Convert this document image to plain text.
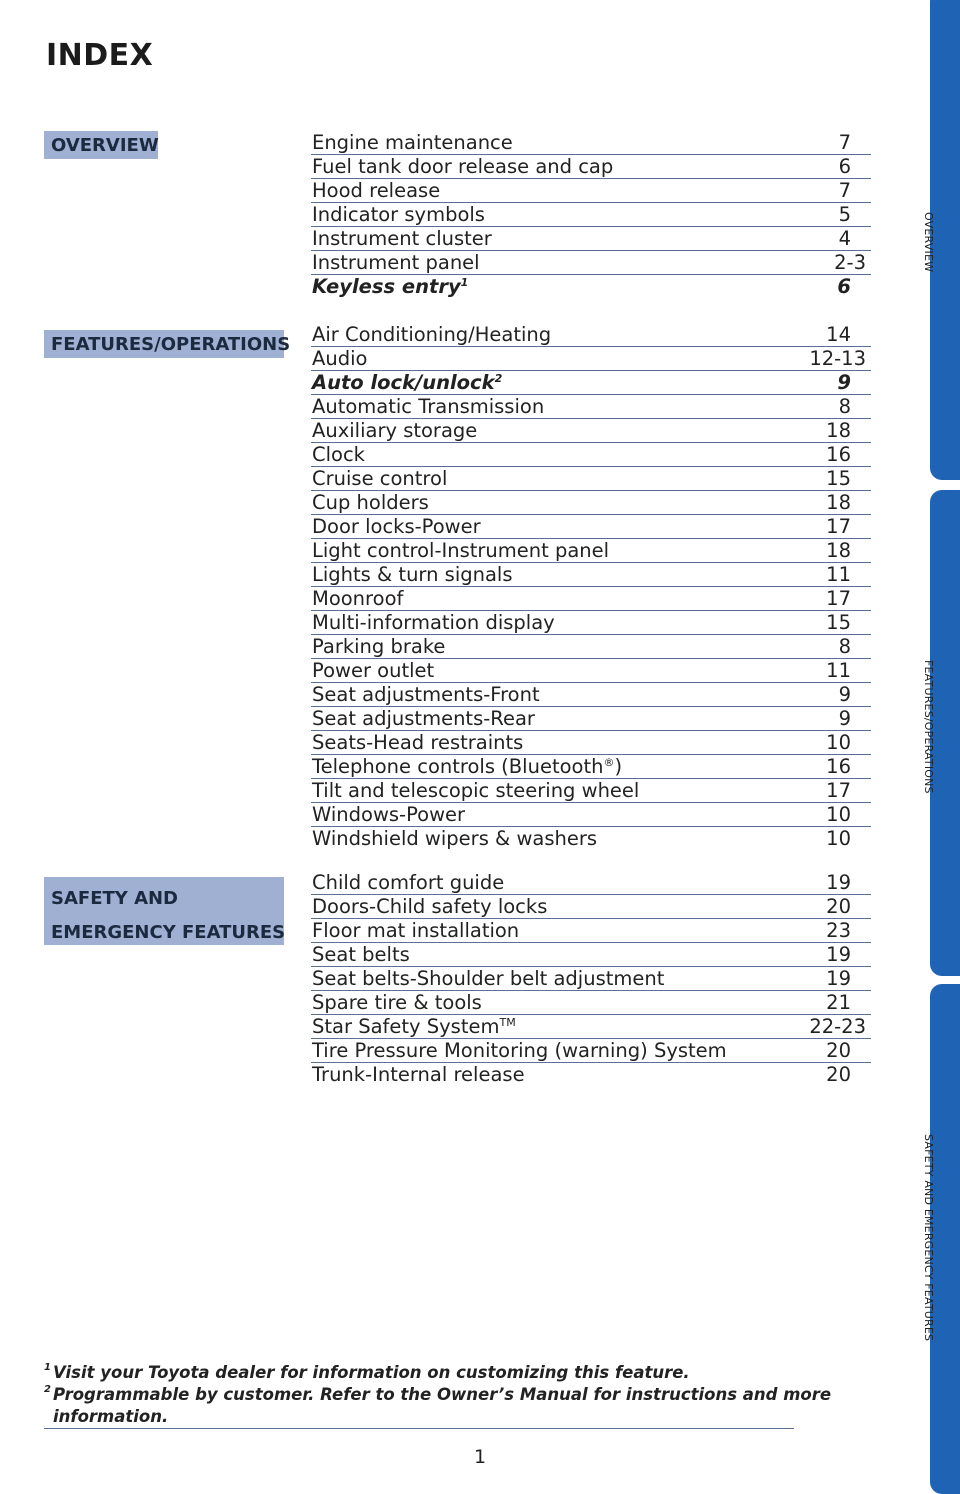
INDEX
OVERVIEW
FEATURES/OPERATIONS
SAFETY AND
EMERGENCY FEATURES
Engine maintenance	7
Fuel tank door release and cap	6
Hood release	7
Indicator symbols	5
Instrument cluster	4
Instrument panel	2-3
Keyless entry$^1$	6
Air Conditioning/Heating	14
Audio	12-13
Auto lock/unlock$^2$	9
Automatic Transmission	8
Auxiliary storage	18
Clock	16
Cruise control	15
Cup holders	18
Door locks-Power	17
Light control-Instrument panel	18
Lights & turn signals	11
Moonroof	17
Multi-information display	15
Parking brake	8
Power outlet	11
Seat adjustments-Front	9
Seat adjustments-Rear	9
Seats-Head restraints	10
Telephone controls (Bluetooth®)	16
Tilt and telescopic steering wheel	17
Windows-Power	10
Windshield wipers & washers	10
Child comfort guide	19
Doors-Child safety locks	20
Floor mat installation	23
Seat belts	19
Seat belts-Shoulder belt adjustment	19
Spare tire & tools	21
Star Safety System™	22-23
Tire Pressure Monitoring (warning) System	20
Trunk-Internal release	20
1 Visit your Toyota dealer for information on customizing this feature.
2 Programmable by customer. Refer to the Owner’s Manual for instructions and more
information.
1
OVERVIEW
FEATURES/OPERATIONS
SAFETY AND EMERGENCY FEATURES
